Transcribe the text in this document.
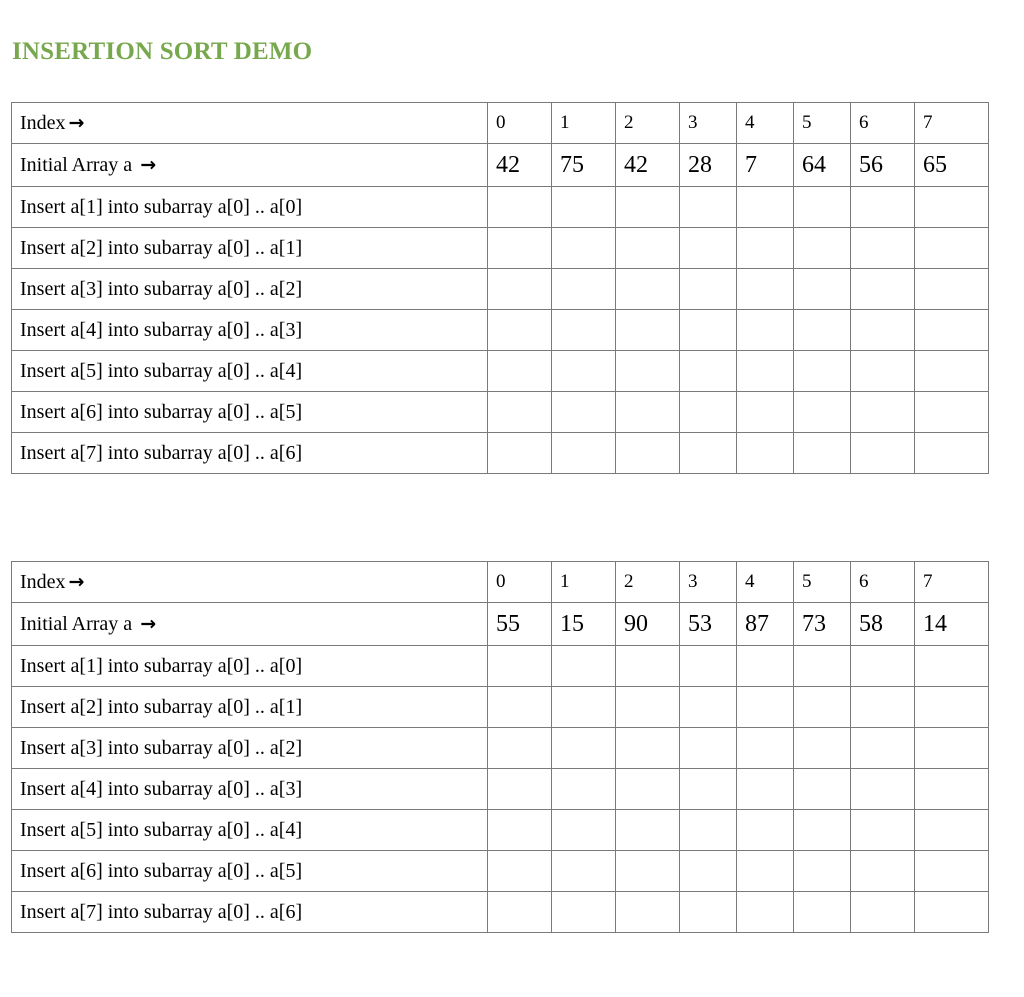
INSERTION SORT DEMO
Index →	0	1	2	3	4	5	6	7
Initial Array a →	42	75	42	28	7	64	56	65
Insert a[1] into subarray a[0] .. a[0]								
Insert a[2] into subarray a[0] .. a[1]								
Insert a[3] into subarray a[0] .. a[2]								
Insert a[4] into subarray a[0] .. a[3]								
Insert a[5] into subarray a[0] .. a[4]								
Insert a[6] into subarray a[0] .. a[5]								
Insert a[7] into subarray a[0] .. a[6]								
Index →	0	1	2	3	4	5	6	7
Initial Array a →	55	15	90	53	87	73	58	14
Insert a[1] into subarray a[0] .. a[0]								
Insert a[2] into subarray a[0] .. a[1]								
Insert a[3] into subarray a[0] .. a[2]								
Insert a[4] into subarray a[0] .. a[3]								
Insert a[5] into subarray a[0] .. a[4]								
Insert a[6] into subarray a[0] .. a[5]								
Insert a[7] into subarray a[0] .. a[6]								
